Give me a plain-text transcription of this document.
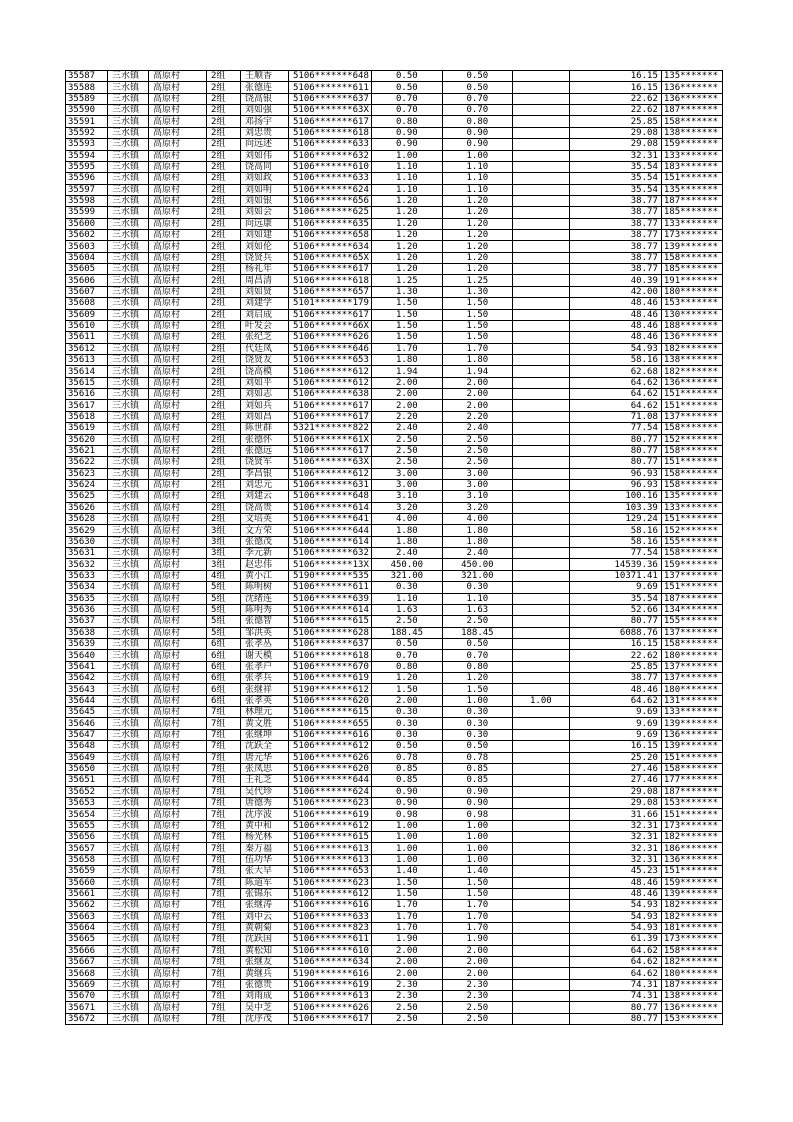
35587	三水镇	高原村	2组	王顺香	5106*******648	0.50	0.50		16.15	135*******
35588	三水镇	高原村	2组	张德连	5106*******611	0.50	0.50		16.15	136*******
35589	三水镇	高原村	2组	饶高银	5106*******637	0.70	0.70		22.62	136*******
35590	三水镇	高原村	2组	刘如强	5106*******63X	0.70	0.70		22.62	187*******
35591	三水镇	高原村	2组	邓扬宇	5106*******617	0.80	0.80		25.85	158*******
35592	三水镇	高原村	2组	刘忠贵	5106*******618	0.90	0.90		29.08	138*******
35593	三水镇	高原村	2组	向远述	5106*******633	0.90	0.90		29.08	159*******
35594	三水镇	高原村	2组	刘如伟	5106*******632	1.00	1.00		32.31	133*******
35595	三水镇	高原村	2组	饶高同	5106*******610	1.10	1.10		35.54	183*******
35596	三水镇	高原村	2组	刘如政	5106*******633	1.10	1.10		35.54	151*******
35597	三水镇	高原村	2组	刘如明	5106*******624	1.10	1.10		35.54	135*******
35598	三水镇	高原村	2组	刘如银	5106*******656	1.20	1.20		38.77	187*******
35599	三水镇	高原村	2组	刘如会	5106*******625	1.20	1.20		38.77	185*******
35600	三水镇	高原村	2组	向远康	5106*******635	1.20	1.20		38.77	133*******
35602	三水镇	高原村	2组	刘如建	5106*******658	1.20	1.20		38.77	173*******
35603	三水镇	高原村	2组	刘如伦	5106*******634	1.20	1.20		38.77	139*******
35604	三水镇	高原村	2组	饶贤兵	5106*******65X	1.20	1.20		38.77	158*******
35605	三水镇	高原村	2组	杨礼年	5106*******617	1.20	1.20		38.77	185*******
35606	三水镇	高原村	2组	周昌清	5106*******618	1.25	1.25		40.39	191*******
35607	三水镇	高原村	2组	刘如贤	5106*******657	1.30	1.30		42.00	180*******
35608	三水镇	高原村	2组	刘建学	5101*******179	1.50	1.50		48.46	153*******
35609	三水镇	高原村	2组	刘启成	5106*******617	1.50	1.50		48.46	130*******
35610	三水镇	高原村	2组	叶发会	5106*******66X	1.50	1.50		48.46	188*******
35611	三水镇	高原村	2组	张纪芝	5106*******626	1.50	1.50		48.46	136*******
35612	三水镇	高原村	2组	代廷凤	5106*******646	1.70	1.70		54.93	182*******
35613	三水镇	高原村	2组	饶贤友	5106*******653	1.80	1.80		58.16	138*******
35614	三水镇	高原村	2组	饶高模	5106*******612	1.94	1.94		62.68	182*******
35615	三水镇	高原村	2组	刘如平	5106*******612	2.00	2.00		64.62	136*******
35616	三水镇	高原村	2组	刘如志	5106*******638	2.00	2.00		64.62	151*******
35617	三水镇	高原村	2组	刘如兵	5106*******617	2.00	2.00		64.62	151*******
35618	三水镇	高原村	2组	刘如昌	5106*******617	2.20	2.20		71.08	137*******
35619	三水镇	高原村	2组	陈世群	5321*******822	2.40	2.40		77.54	158*******
35620	三水镇	高原村	2组	张德怀	5106*******61X	2.50	2.50		80.77	152*******
35621	三水镇	高原村	2组	张德远	5106*******617	2.50	2.50		80.77	158*******
35622	三水镇	高原村	2组	饶贤军	5106*******63X	2.50	2.50		80.77	151*******
35623	三水镇	高原村	2组	李昌银	5106*******612	3.00	3.00		96.93	158*******
35624	三水镇	高原村	2组	刘忠元	5106*******631	3.00	3.00		96.93	158*******
35625	三水镇	高原村	2组	刘建云	5106*******648	3.10	3.10		100.16	135*******
35626	三水镇	高原村	2组	饶高贵	5106*******614	3.20	3.20		103.39	133*******
35628	三水镇	高原村	2组	文培英	5106*******641	4.00	4.00		129.24	151*******
35629	三水镇	高原村	3组	文方荣	5106*******644	1.80	1.80		58.16	152*******
35630	三水镇	高原村	3组	张德茂	5106*******614	1.80	1.80		58.16	155*******
35631	三水镇	高原村	3组	李元新	5106*******632	2.40	2.40		77.54	158*******
35632	三水镇	高原村	3组	赵忠伟	5106*******13X	450.00	450.00		14539.36	159*******
35633	三水镇	高原村	4组	黄小江	5190*******535	321.00	321.00		10371.41	137*******
35634	三水镇	高原村	5组	陈明树	5106*******611	0.30	0.30		9.69	151*******
35635	三水镇	高原村	5组	沈绪连	5106*******639	1.10	1.10		35.54	187*******
35636	三水镇	高原村	5组	陈明秀	5106*******614	1.63	1.63		52.66	134*******
35637	三水镇	高原村	5组	张德智	5106*******615	2.50	2.50		80.77	155*******
35638	三水镇	高原村	5组	邹洪英	5106*******628	188.45	188.45		6088.76	137*******
35639	三水镇	高原村	6组	张孝丛	5106*******637	0.50	0.50		16.15	158*******
35640	三水镇	高原村	6组	谢天模	5106*******618	0.70	0.70		22.62	180*******
35641	三水镇	高原村	6组	张孝户	5106*******670	0.80	0.80		25.85	137*******
35642	三水镇	高原村	6组	张孝兵	5106*******619	1.20	1.20		38.77	137*******
35643	三水镇	高原村	6组	张继祥	5190*******612	1.50	1.50		48.46	180*******
35644	三水镇	高原村	6组	张孝英	5106*******620	2.00	1.00	1.00	64.62	131*******
35645	三水镇	高原村	7组	林理元	5106*******615	0.30	0.30		9.69	133*******
35646	三水镇	高原村	7组	黄文胜	5106*******655	0.30	0.30		9.69	139*******
35647	三水镇	高原村	7组	张继坤	5106*******616	0.30	0.30		9.69	136*******
35648	三水镇	高原村	7组	沈跃全	5106*******612	0.50	0.50		16.15	139*******
35649	三水镇	高原村	7组	唐元华	5106*******626	0.78	0.78		25.20	151*******
35650	三水镇	高原村	7组	张凤思	5106*******620	0.85	0.85		27.46	158*******
35651	三水镇	高原村	7组	王礼芝	5106*******644	0.85	0.85		27.46	177*******
35652	三水镇	高原村	7组	吴代珍	5106*******624	0.90	0.90		29.08	187*******
35653	三水镇	高原村	7组	唐德秀	5106*******623	0.90	0.90		29.08	153*******
35654	三水镇	高原村	7组	沈序波	5106*******619	0.98	0.98		31.66	151*******
35655	三水镇	高原村	7组	黄中和	5106*******612	1.00	1.00		32.31	173*******
35656	三水镇	高原村	7组	杨光林	5106*******615	1.00	1.00		32.31	182*******
35657	三水镇	高原村	7组	秦万福	5106*******613	1.00	1.00		32.31	186*******
35658	三水镇	高原村	7组	伍功华	5106*******613	1.00	1.00		32.31	136*******
35659	三水镇	高原村	7组	张大早	5106*******653	1.40	1.40		45.23	151*******
35660	三水镇	高原村	7组	陈道军	5106*******623	1.50	1.50		48.46	159*******
35661	三水镇	高原村	7组	张锦东	5106*******612	1.50	1.50		48.46	139*******
35662	三水镇	高原村	7组	张继涛	5106*******616	1.70	1.70		54.93	182*******
35663	三水镇	高原村	7组	刘中云	5106*******633	1.70	1.70		54.93	182*******
35664	三水镇	高原村	7组	黄朝菊	5106*******823	1.70	1.70		54.93	181*******
35665	三水镇	高原村	7组	沈跃国	5106*******611	1.90	1.90		61.39	173*******
35666	三水镇	高原村	7组	黄松知	5106*******610	2.00	2.00		64.62	158*******
35667	三水镇	高原村	7组	张继友	5106*******634	2.00	2.00		64.62	182*******
35668	三水镇	高原村	7组	黄继兵	5190*******616	2.00	2.00		64.62	180*******
35669	三水镇	高原村	7组	张德贵	5106*******619	2.30	2.30		74.31	187*******
35670	三水镇	高原村	7组	刘雨成	5106*******613	2.30	2.30		74.31	138*******
35671	三水镇	高原村	7组	吴中芝	5106*******626	2.50	2.50		80.77	136*******
35672	三水镇	高原村	7组	沈序茂	5106*******617	2.50	2.50		80.77	153*******
